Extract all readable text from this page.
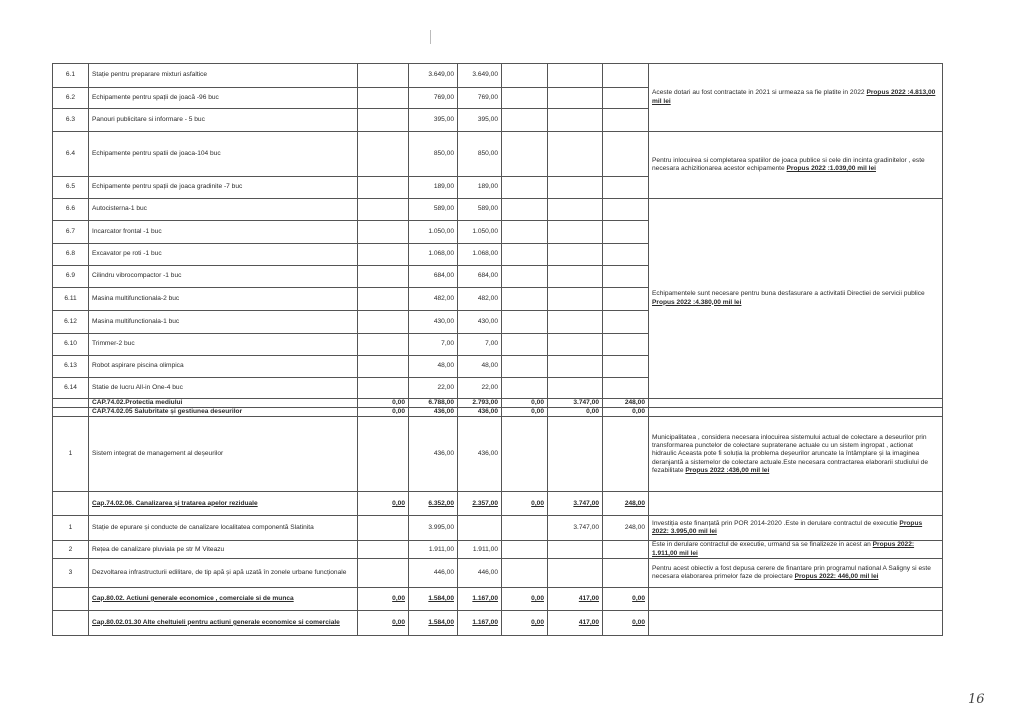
6.1	Stație pentru preparare mixturi asfaltice		3.649,00	3.649,00				Aceste dotari au fost contractate in 2021 si urmeaza sa fie platite in 2022 Propus 2022 :4.813,00 mil lei
6.2	Echipamente pentru spații de joacă -96 buc		769,00	769,00				
6.3	Panouri publicitare si informare - 5 buc		395,00	395,00				
6.4	Echipamente pentru spatii de joaca-104 buc		850,00	850,00				Pentru inlocuirea si completarea spatiilor de joaca publice si cele din incinta gradinitelor , este necesara achizitionarea acestor echipamente Propus 2022 :1.039,00 mil lei
6.5	Echipamente pentru spații de joaca gradinite -7 buc		189,00	189,00				
6.6	Autocisterna-1 buc		589,00	589,00				Echipamentele sunt necesare pentru buna desfasurare a activitatii Directiei de servicii publice Propus 2022 :4.380,00 mil lei
6.7	Incarcator frontal -1 buc		1.050,00	1.050,00				
6.8	Excavator pe roti -1 buc		1.068,00	1.068,00				
6.9	Cilindru vibrocompactor -1 buc		684,00	684,00				
6.11	Masina multifunctionala-2 buc		482,00	482,00				
6.12	Masina multifunctionala-1 buc		430,00	430,00				
6.10	Trimmer-2 buc		7,00	7,00				
6.13	Robot aspirare piscina olimpica		48,00	48,00				
6.14	Statie de lucru All-in One-4 buc		22,00	22,00				
	CAP.74.02.Protectia mediului	0,00	6.788,00	2.793,00	0,00	3.747,00	248,00	
	CAP.74.02.05 Salubritate și gestiunea deseurilor	0,00	436,00	436,00	0,00	0,00	0,00	
1	Sistem integrat de management al deșeurilor		436,00	436,00				Municipalitatea , considera necesara inlocuirea sistemului actual de colectare a deseurilor prin transformarea punctelor de colectare supraterane actuale cu un sistem ingropat , actionat hidraulic Aceasta pote fi soluția la problema deșeurilor aruncate la întâmplare și la imaginea deranjantă a sistemelor de colectare actuale.Este necesara contractarea elaborarii studiului de fezabilitate Propus 2022 :436,00 mil lei
	Cap.74.02.06. Canalizarea și tratarea apelor reziduale	0,00	6.352,00	2.357,00	0,00	3.747,00	248,00	
1	Stație de epurare și conducte de canalizare localitatea componentă Slatinita		3.995,00			3.747,00	248,00	Investiția este finanțată prin POR 2014-2020 .Este in derulare contractul de executie Propus 2022: 3.995,00 mil lei
2	Rețea de canalizare pluviala pe str M Viteazu		1.911,00	1.911,00				Este in derulare contractul de executie, urmand sa se finalizeze in acest an Propus 2022: 1.911,00 mil lei
3	Dezvoltarea infrastructurii edilitare, de tip apă și apă uzată în zonele urbane funcționale		446,00	446,00				Pentru acest obiectiv a fost depusa cerere de finantare prin programul national A Saligny si este necesara elaborarea primelor faze de proiectare Propus 2022: 446,00 mil lei
	Cap.80.02. Actiuni generale economice , comerciale si de munca	0,00	1.584,00	1.167,00	0,00	417,00	0,00	
	Cap.80.02.01.30 Alte cheltuieli pentru actiuni generale economice si comerciale	0,00	1.584,00	1.167,00	0,00	417,00	0,00	
16
